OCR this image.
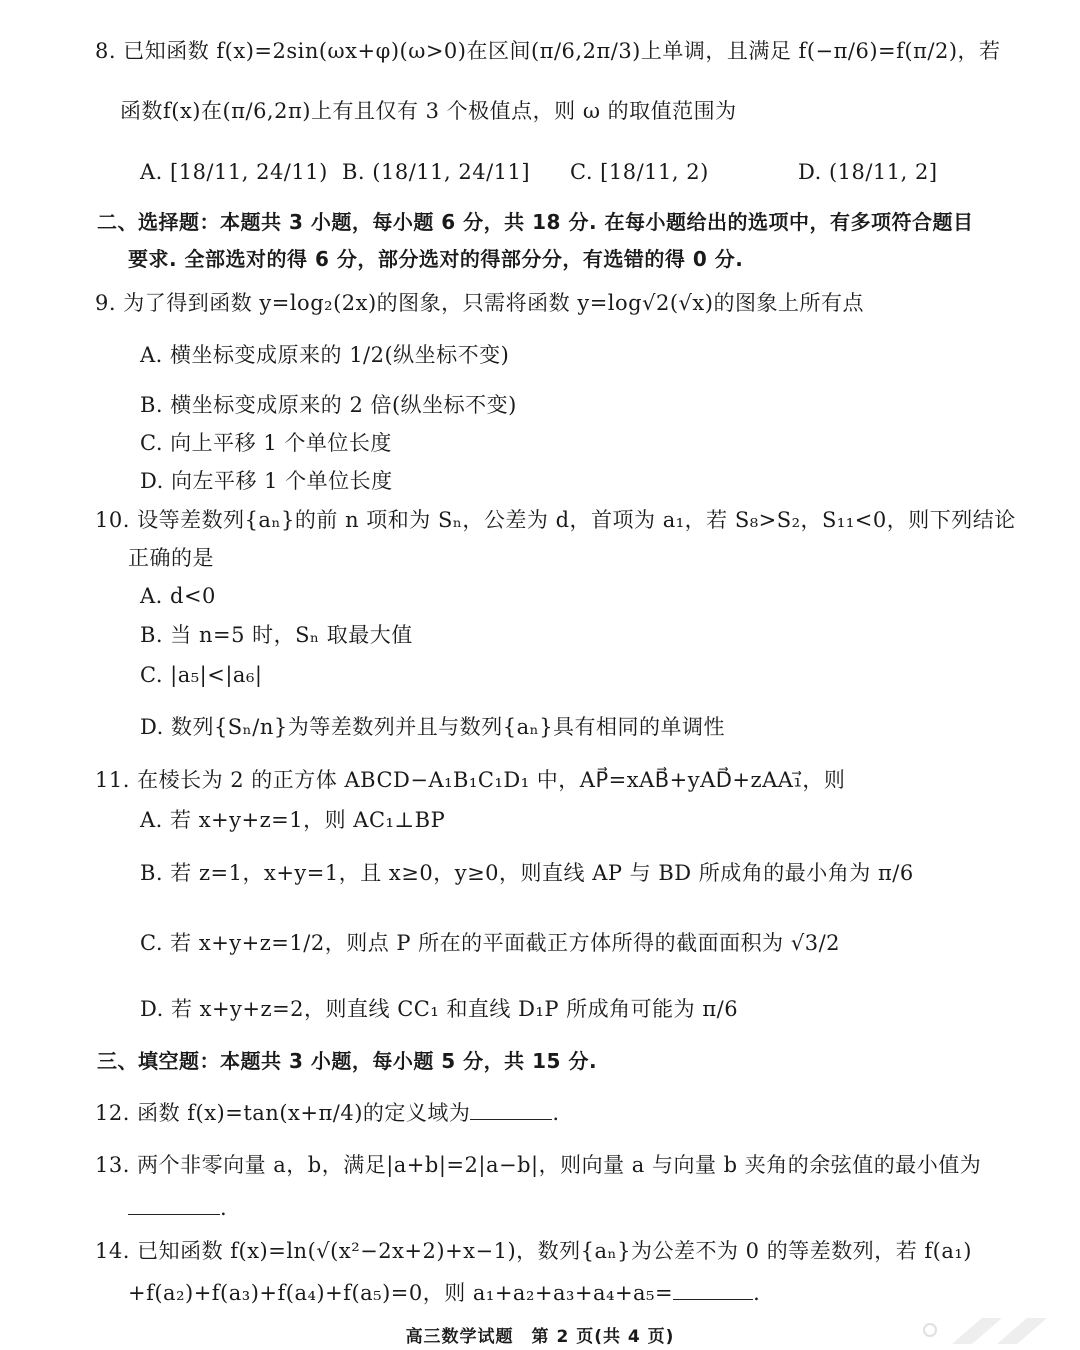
8. 已知函数 f(x)=2sin(ωx+φ)(ω>0)在区间(π/6,2π/3)上单调，且满足 f(−π/6)=f(π/2)，若
函数f(x)在(π/6,2π)上有且仅有 3 个极值点，则 ω 的取值范围为
A. [18/11, 24/11) B. (18/11, 24/11] C. [18/11, 2)	D. (18/11, 2]
二、选择题：本题共 3 小题，每小题 6 分，共 18 分. 在每小题给出的选项中，有多项符合题目
要求. 全部选对的得 6 分，部分选对的得部分分，有选错的得 0 分.
9. 为了得到函数 y=log₂(2x)的图象，只需将函数 y=log√2(√x)的图象上所有点
A. 横坐标变成原来的 1/2(纵坐标不变)
B. 横坐标变成原来的 2 倍(纵坐标不变)
C. 向上平移 1 个单位长度
D. 向左平移 1 个单位长度
10. 设等差数列{aₙ}的前 n 项和为 Sₙ，公差为 d，首项为 a₁，若 S₈>S₂，S₁₁<0，则下列结论
正确的是
A. d<0
B. 当 n=5 时，Sₙ 取最大值
C. |a₅|<|a₆|
D. 数列{Sₙ/n}为等差数列并且与数列{aₙ}具有相同的单调性
11. 在棱长为 2 的正方体 ABCD−A₁B₁C₁D₁ 中，AP⃗=xAB⃗+yAD⃗+zAA₁⃗，则
A. 若 x+y+z=1，则 AC₁⊥BP
B. 若 z=1，x+y=1，且 x≥0，y≥0，则直线 AP 与 BD 所成角的最小角为 π/6
C. 若 x+y+z=1/2，则点 P 所在的平面截正方体所得的截面面积为 √3/2
D. 若 x+y+z=2，则直线 CC₁ 和直线 D₁P 所成角可能为 π/6
三、填空题：本题共 3 小题，每小题 5 分，共 15 分.
12. 函数 f(x)=tan(x+π/4)的定义域为	.
13. 两个非零向量 a，b，满足|a+b|=2|a−b|，则向量 a 与向量 b 夹角的余弦值的最小值为
.
14. 已知函数 f(x)=ln(√(x²−2x+2)+x−1)，数列{aₙ}为公差不为 0 的等差数列，若 f(a₁)
+f(a₂)+f(a₃)+f(a₄)+f(a₅)=0，则 a₁+a₂+a₃+a₄+a₅=	.
高三数学试题　第 2 页(共 4 页)
